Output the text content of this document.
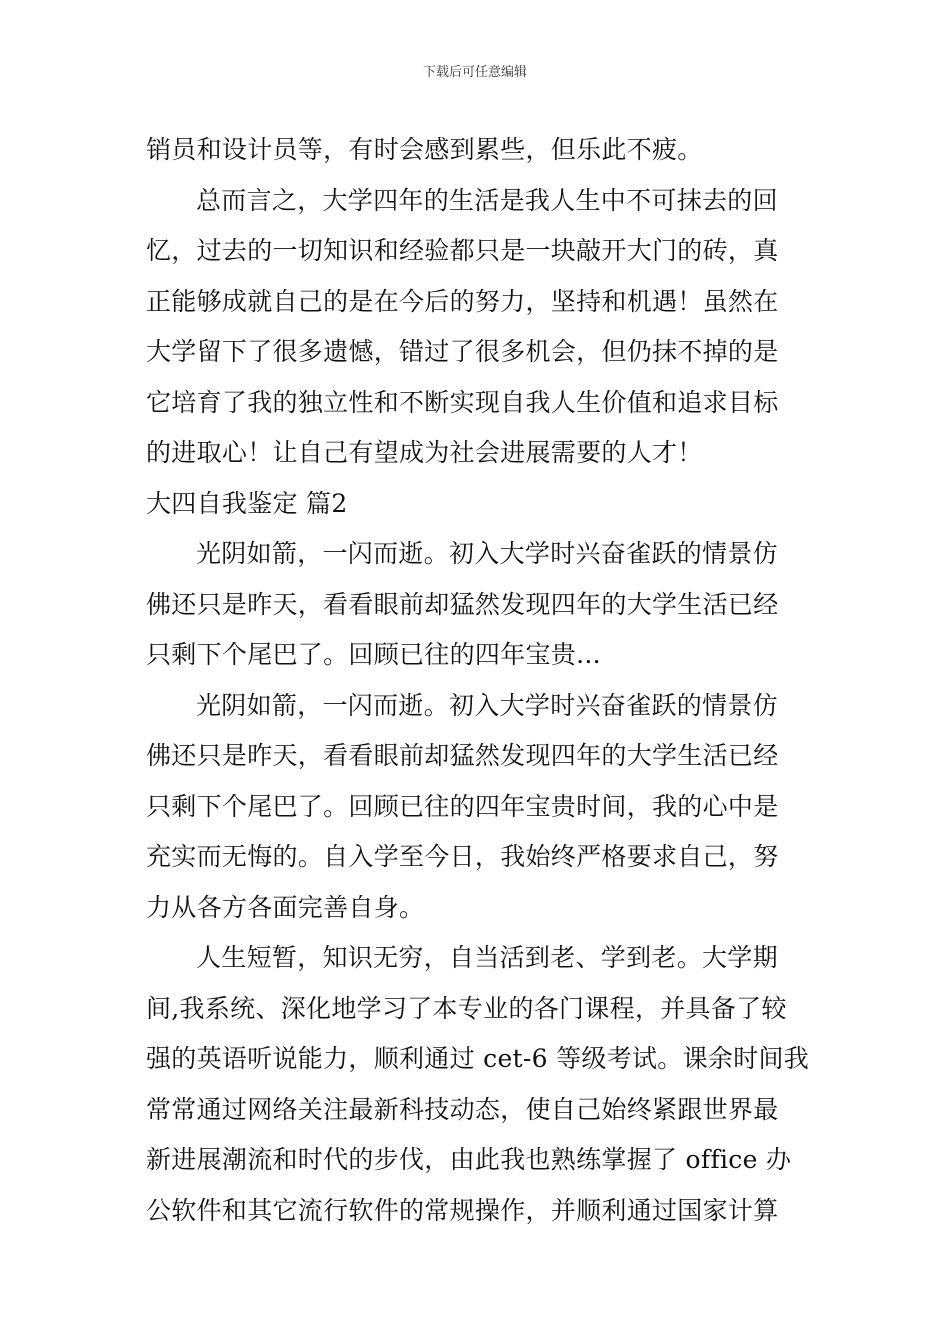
下载后可任意编辑
销员和设计员等，有时会感到累些，但乐此不疲。
总而言之，大学四年的生活是我人生中不可抹去的回
忆，过去的一切知识和经验都只是一块敲开大门的砖，真
正能够成就自己的是在今后的努力，坚持和机遇！虽然在
大学留下了很多遗憾，错过了很多机会，但仍抹不掉的是
它培育了我的独立性和不断实现自我人生价值和追求目标
的进取心！让自己有望成为社会进展需要的人才！
大四自我鉴定 篇2
光阴如箭，一闪而逝。初入大学时兴奋雀跃的情景仿
佛还只是昨天，看看眼前却猛然发现四年的大学生活已经
只剩下个尾巴了。回顾已往的四年宝贵...
光阴如箭，一闪而逝。初入大学时兴奋雀跃的情景仿
佛还只是昨天，看看眼前却猛然发现四年的大学生活已经
只剩下个尾巴了。回顾已往的四年宝贵时间，我的心中是
充实而无悔的。自入学至今日，我始终严格要求自己，努
力从各方各面完善自身。
人生短暂，知识无穷，自当活到老、学到老。大学期
间,我系统、深化地学习了本专业的各门课程，并具备了较
强的英语听说能力，顺利通过 cet-6 等级考试。课余时间我
常常通过网络关注最新科技动态，使自己始终紧跟世界最
新进展潮流和时代的步伐，由此我也熟练掌握了 office 办
公软件和其它流行软件的常规操作，并顺利通过国家计算
